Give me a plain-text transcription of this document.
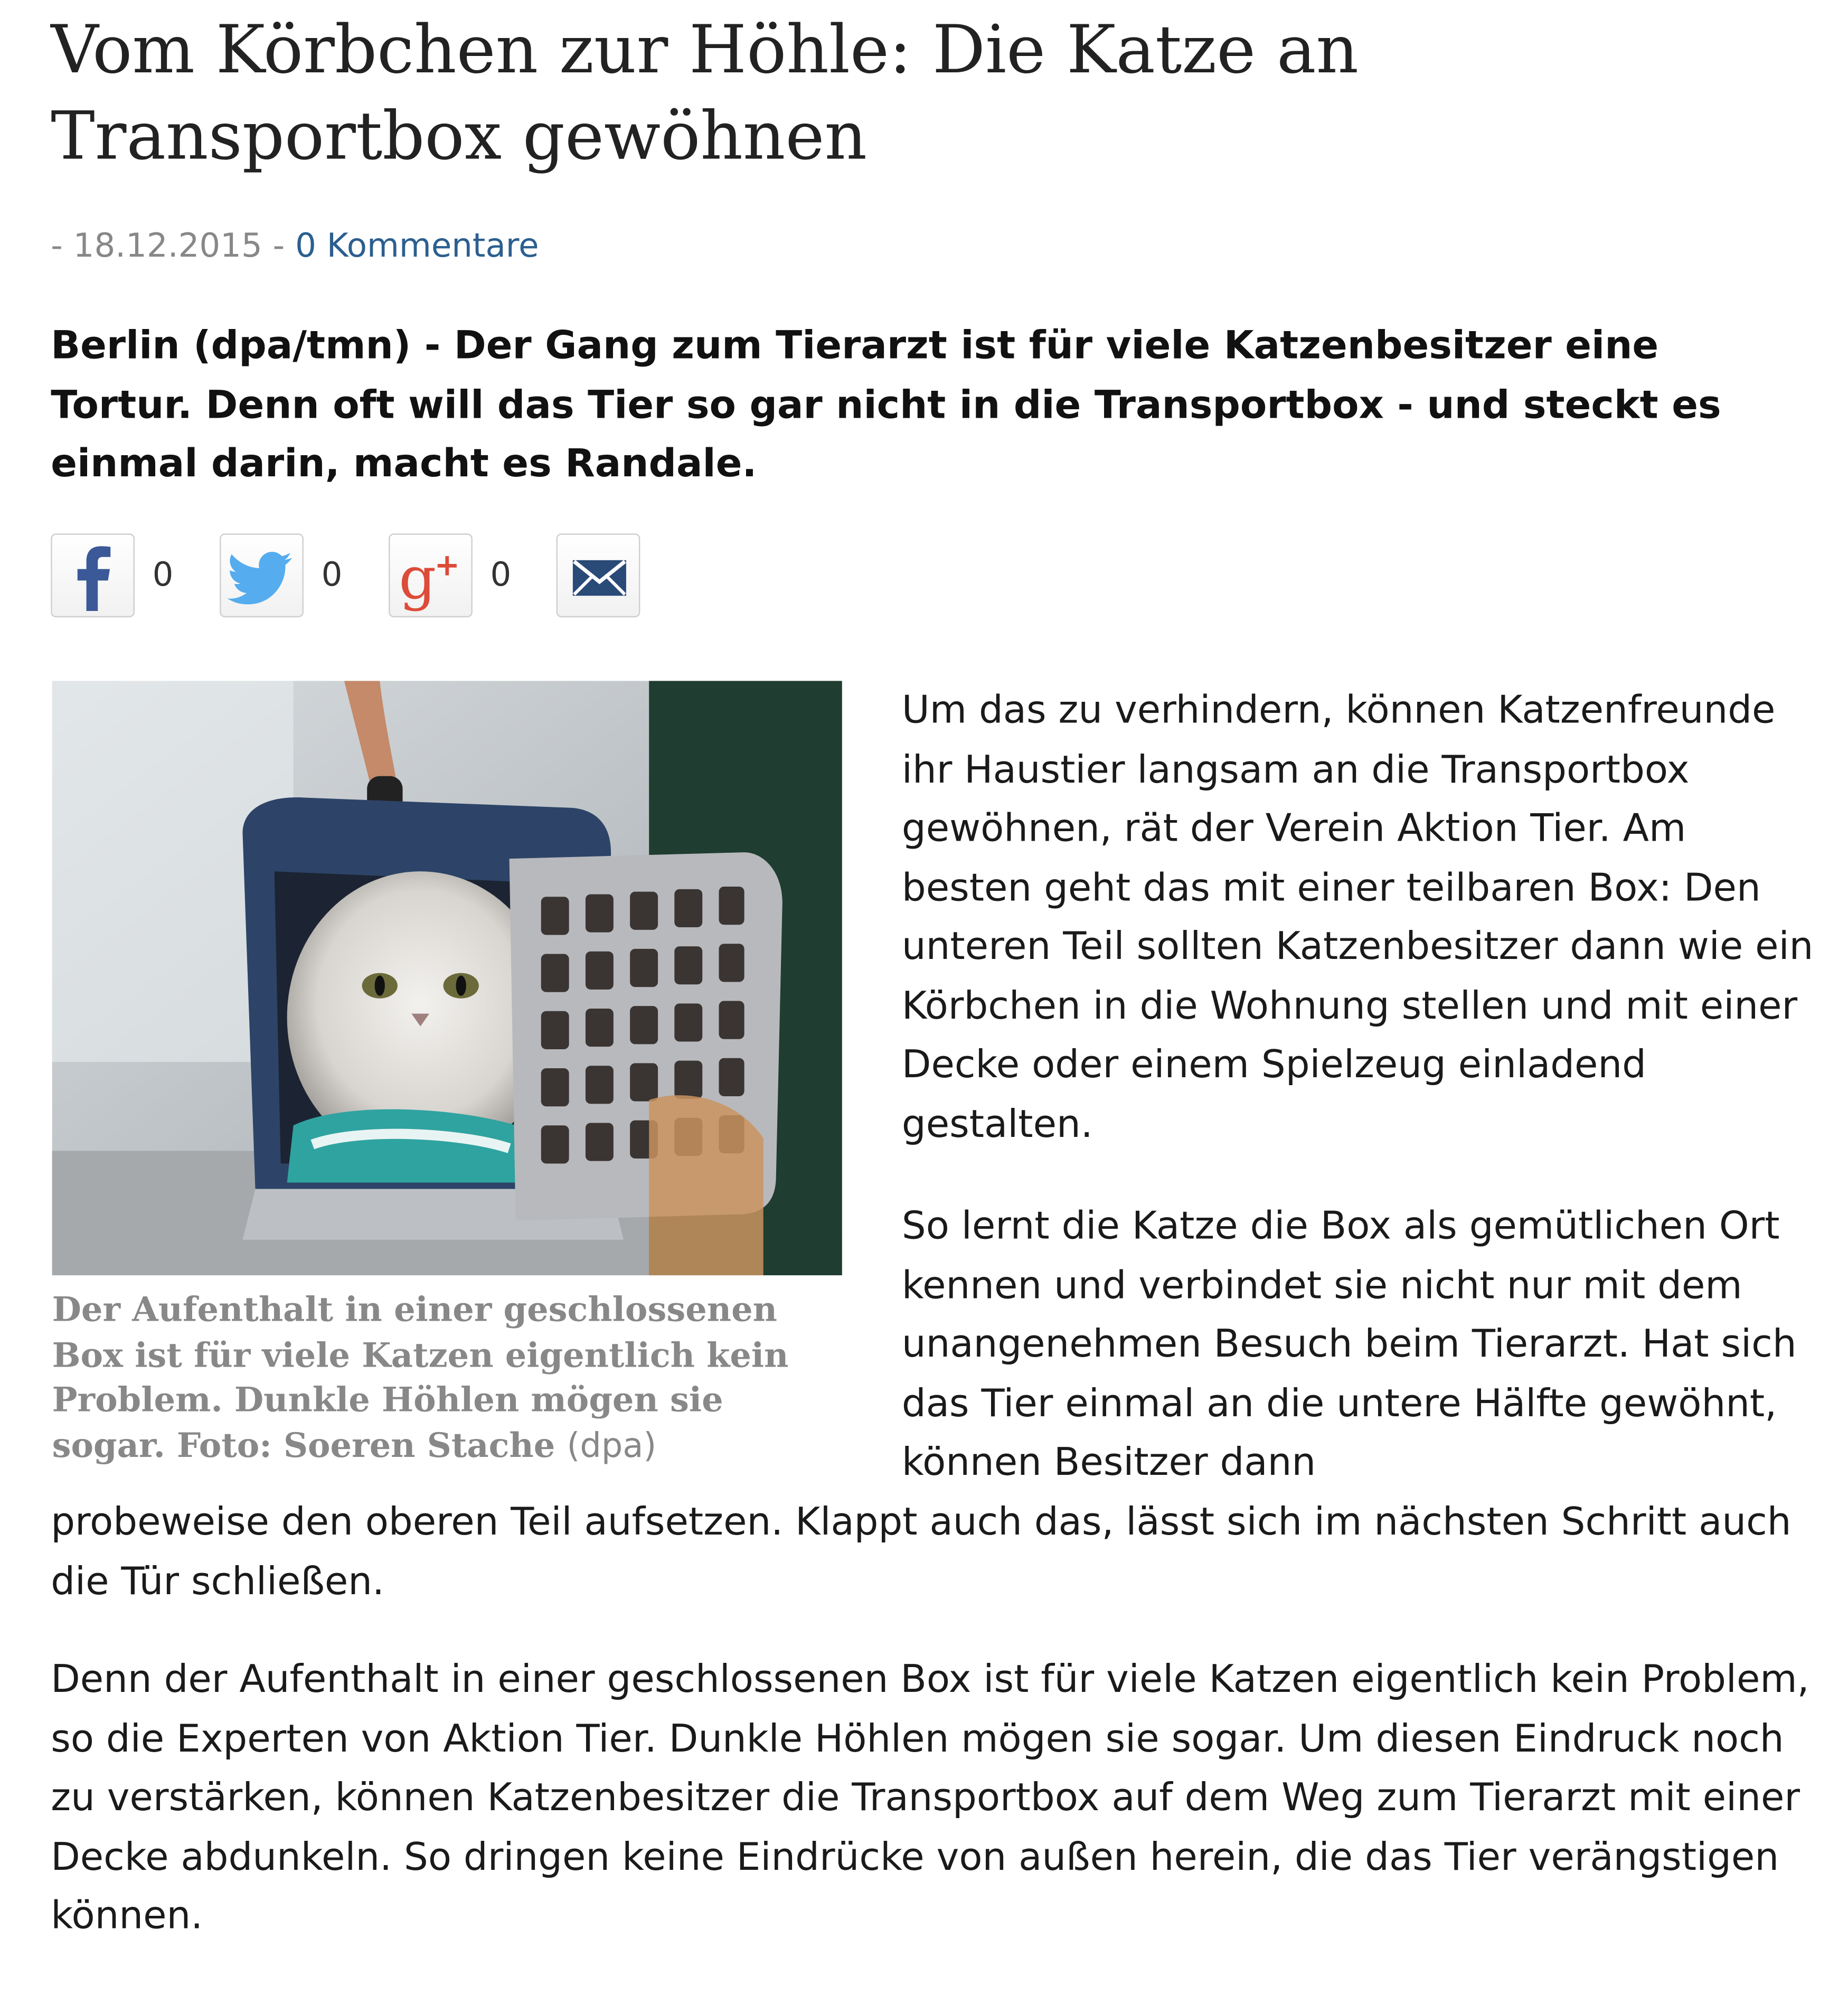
Vom Körbchen zur Höhle: Die Katze an Transportbox gewöhnen
- 18.12.2015 - 0 Kommentare

Berlin (dpa/tmn) - Der Gang zum Tierarzt ist für viele Katzenbesitzer eine Tortur. Denn oft will das Tier so gar nicht in die Transportbox - und steckt es einmal darin, macht es Randale.

0	0 g
+ 0

Der Aufenthalt in einer geschlossenen Box ist für viele Katzen eigentlich kein Problem. Dunkle Höhlen mögen sie sogar. Foto: Soeren Stache (dpa)

Um das zu verhindern, können Katzenfreunde ihr Haustier langsam an die Transportbox gewöhnen, rät der Verein Aktion Tier. Am besten geht das mit einer teilbaren Box: Den unteren Teil sollten Katzenbesitzer dann wie ein Körbchen in die Wohnung stellen und mit einer Decke oder einem Spielzeug einladend gestalten.

So lernt die Katze die Box als gemütlichen Ort kennen und verbindet sie nicht nur mit dem unangenehmen Besuch beim Tierarzt. Hat sich das Tier einmal an die untere Hälfte gewöhnt, können Besitzer dann

probeweise den oberen Teil aufsetzen. Klappt auch das, lässt sich im nächsten Schritt auch die Tür schließen.

Denn der Aufenthalt in einer geschlossenen Box ist für viele Katzen eigentlich kein Problem, so die Experten von Aktion Tier. Dunkle Höhlen mögen sie sogar. Um diesen Eindruck noch zu verstärken, können Katzenbesitzer die Transportbox auf dem Weg zum Tierarzt mit einer Decke abdunkeln. So dringen keine Eindrücke von außen herein, die das Tier verängstigen können.
